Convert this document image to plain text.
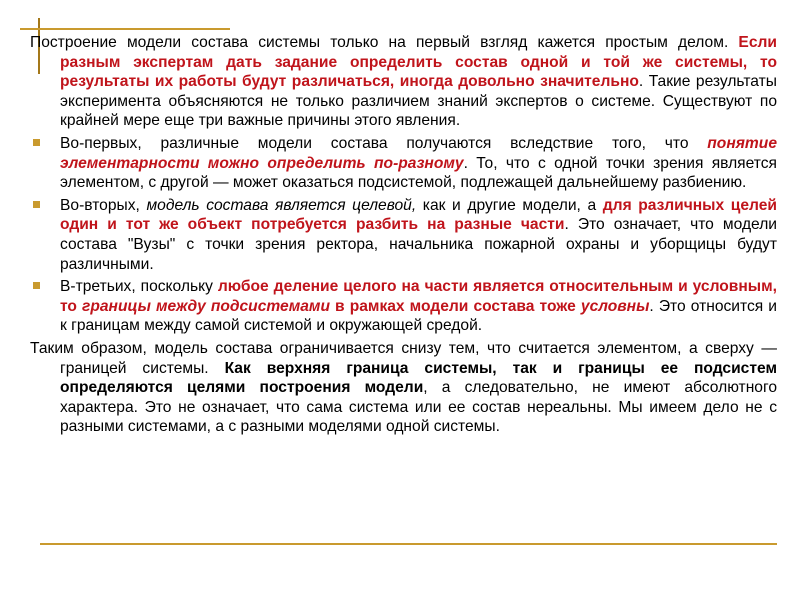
Построение модели состава системы только на первый взгляд кажется простым делом. Если разным экспертам дать задание определить состав одной и той же системы, то результаты их работы будут различаться, иногда довольно значительно. Такие результаты эксперимента объясняются не только различием знаний экспертов о системе. Существуют по крайней мере еще три важные причины этого явления.

Во-первых, различные модели состава получаются вследствие того, что понятие элементарности можно определить по-разному. То, что с одной точки зрения является элементом, с другой — может оказаться подсистемой, подлежащей дальнейшему разбиению.
Во-вторых, модель состава является целевой, как и другие модели, а для различных целей один и тот же объект потребуется разбить на разные части. Это означает, что модели состава "Вузы" с точки зрения ректора, начальника пожарной охраны и уборщицы будут различными.
В-третьих, поскольку любое деление целого на части является относительным и условным, то границы между подсистемами в рамках модели состава тоже условны. Это относится и к границам между самой системой и окружающей средой.

Таким образом, модель состава ограничивается снизу тем, что считается элементом, а сверху — границей системы. Как верхняя граница системы, так и границы ее подсистем определяются целями построения модели, а следовательно, не имеют абсолютного характера. Это не означает, что сама система или ее состав нереальны. Мы имеем дело не с разными системами, а с разными моделями одной системы.
